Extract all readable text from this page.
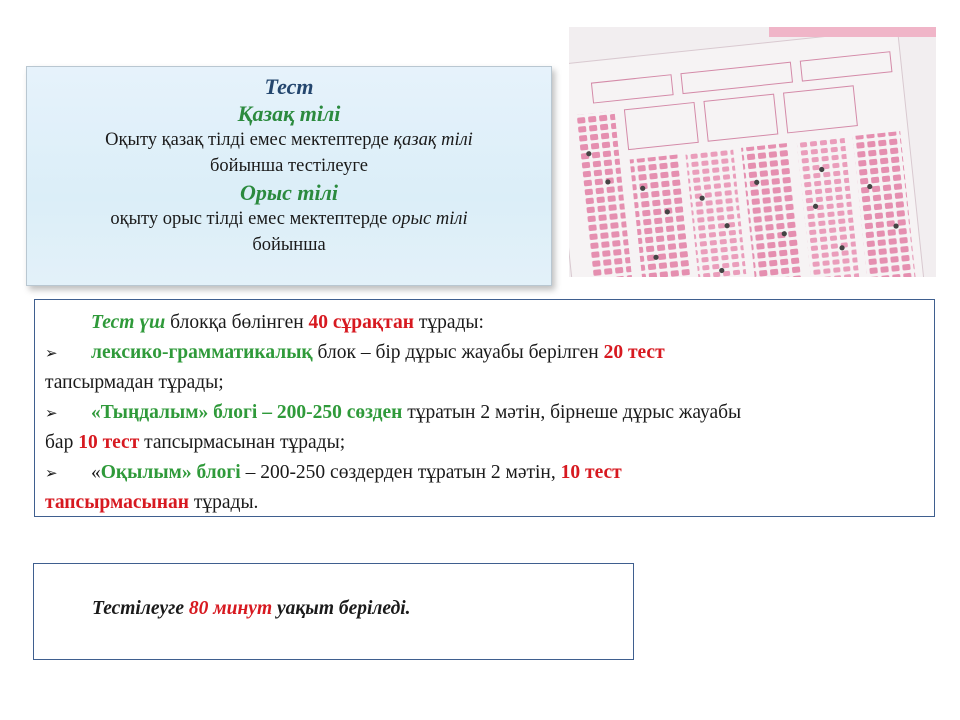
Тест
Қазақ тілі
Оқыту қазақ тілді емес мектептерде қазақ тілі
бойынша тестілеуге
Орыс тілі
оқыту орыс тілді емес мектептерде орыс тілі
бойынша
Тест үш блокқа бөлінген 40 сұрақтан тұрады:
➢ лексико-грамматикалық блок – бір дұрыс жауабы берілген 20 тест
тапсырмадан тұрады;
➢ «Тыңдалым» блогі – 200-250 сөзден тұратын 2 мәтін, бірнеше дұрыс жауабы
бар 10 тест тапсырмасынан тұрады;
➢ «Оқылым» блогі – 200-250 сөздерден тұратын 2 мәтін, 10 тест
тапсырмасынан тұрады.
Тестілеуге 80 минут уақыт беріледі.
